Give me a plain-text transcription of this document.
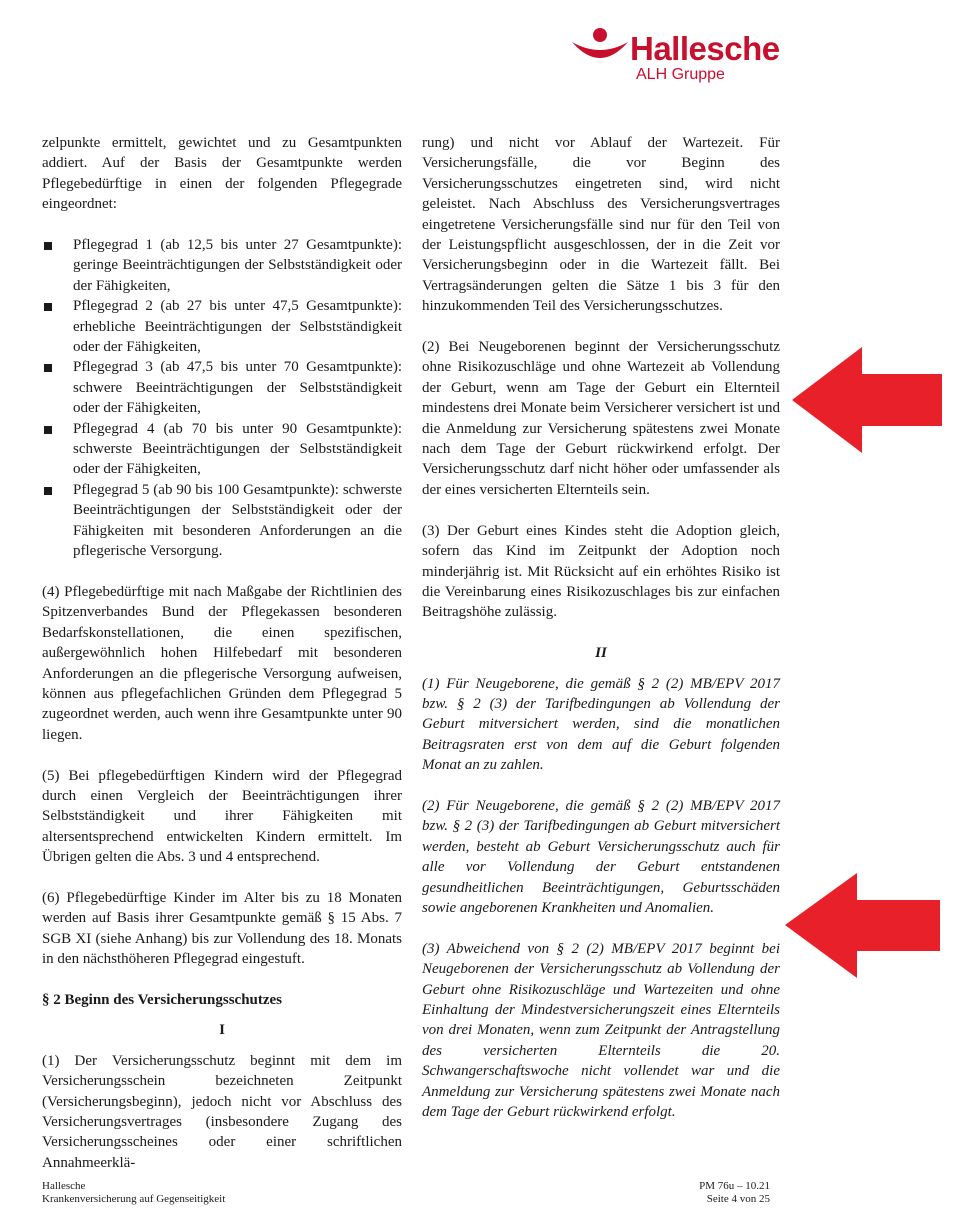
Hallesche
ALH Gruppe

zelpunkte ermittelt, gewichtet und zu Gesamtpunkten addiert. Auf der Basis der Gesamtpunkte werden Pflegebedürftige in einen der folgenden Pflegegrade eingeordnet:

Pflegegrad 1 (ab 12,5 bis unter 27 Gesamtpunkte): geringe Beeinträchtigungen der Selbstständigkeit oder der Fähigkeiten,
Pflegegrad 2 (ab 27 bis unter 47,5 Gesamtpunkte): erhebliche Beeinträchtigungen der Selbstständigkeit oder der Fähigkeiten,
Pflegegrad 3 (ab 47,5 bis unter 70 Gesamtpunkte): schwere Beeinträchtigungen der Selbstständigkeit oder der Fähigkeiten,
Pflegegrad 4 (ab 70 bis unter 90 Gesamtpunkte): schwerste Beeinträchtigungen der Selbstständigkeit oder der Fähigkeiten,
Pflegegrad 5 (ab 90 bis 100 Gesamtpunkte): schwerste Beeinträchtigungen der Selbstständigkeit oder der Fähigkeiten mit besonderen Anforderungen an die pflegerische Versorgung.

(4) Pflegebedürftige mit nach Maßgabe der Richtlinien des Spitzenverbandes Bund der Pflegekassen besonderen Bedarfskonstellationen, die einen spezifischen, außergewöhnlich hohen Hilfebedarf mit besonderen Anforderungen an die pflegerische Versorgung aufweisen, können aus pflegefachlichen Gründen dem Pflegegrad 5 zugeordnet werden, auch wenn ihre Gesamtpunkte unter 90 liegen.

(5) Bei pflegebedürftigen Kindern wird der Pflegegrad durch einen Vergleich der Beeinträchtigungen ihrer Selbstständigkeit und ihrer Fähigkeiten mit altersentsprechend entwickelten Kindern ermittelt. Im Übrigen gelten die Abs. 3 und 4 entsprechend.

(6) Pflegebedürftige Kinder im Alter bis zu 18 Monaten werden auf Basis ihrer Gesamtpunkte gemäß § 15 Abs. 7 SGB XI (siehe Anhang) bis zur Vollendung des 18. Monats in den nächsthöheren Pflegegrad eingestuft.

§ 2 Beginn des Versicherungsschutzes

I

(1) Der Versicherungsschutz beginnt mit dem im Versicherungsschein bezeichneten Zeitpunkt (Versicherungsbeginn), jedoch nicht vor Abschluss des Versicherungsvertrages (insbesondere Zugang des Versicherungsscheines oder einer schriftlichen Annahmeerklä-

rung) und nicht vor Ablauf der Wartezeit. Für Versicherungsfälle, die vor Beginn des Versicherungsschutzes eingetreten sind, wird nicht geleistet. Nach Abschluss des Versicherungsvertrages eingetretene Versicherungsfälle sind nur für den Teil von der Leistungspflicht ausgeschlossen, der in die Zeit vor Versicherungsbeginn oder in die Wartezeit fällt. Bei Vertragsänderungen gelten die Sätze 1 bis 3 für den hinzukommenden Teil des Versicherungsschutzes.

(2) Bei Neugeborenen beginnt der Versicherungsschutz ohne Risikozuschläge und ohne Wartezeit ab Vollendung der Geburt, wenn am Tage der Geburt ein Elternteil mindestens drei Monate beim Versicherer versichert ist und die Anmeldung zur Versicherung spätestens zwei Monate nach dem Tage der Geburt rückwirkend erfolgt. Der Versicherungsschutz darf nicht höher oder umfassender als der eines versicherten Elternteils sein.

(3) Der Geburt eines Kindes steht die Adoption gleich, sofern das Kind im Zeitpunkt der Adoption noch minderjährig ist. Mit Rücksicht auf ein erhöhtes Risiko ist die Vereinbarung eines Risikozuschlages bis zur einfachen Beitragshöhe zulässig.

II

(1) Für Neugeborene, die gemäß § 2 (2) MB/EPV 2017 bzw. § 2 (3) der Tarifbedingungen ab Vollendung der Geburt mitversichert werden, sind die monatlichen Beitragsraten erst von dem auf die Geburt folgenden Monat an zu zahlen.

(2) Für Neugeborene, die gemäß § 2 (2) MB/EPV 2017 bzw. § 2 (3) der Tarifbedingungen ab Geburt mitversichert werden, besteht ab Geburt Versicherungsschutz auch für alle vor Vollendung der Geburt entstandenen gesundheitlichen Beeinträchtigungen, Geburtsschäden sowie angeborenen Krankheiten und Anomalien.

(3) Abweichend von § 2 (2) MB/EPV 2017 beginnt bei Neugeborenen der Versicherungsschutz ab Vollendung der Geburt ohne Risikozuschläge und Wartezeiten und ohne Einhaltung der Mindestversicherungszeit eines Elternteils von drei Monaten, wenn zum Zeitpunkt der Antragstellung des versicherten Elternteils die 20. Schwangerschaftswoche nicht vollendet war und die Anmeldung zur Versicherung spätestens zwei Monate nach dem Tage der Geburt rückwirkend erfolgt.

Hallesche
Krankenversicherung auf Gegenseitigkeit
PM 76u – 10.21
Seite 4 von 25
